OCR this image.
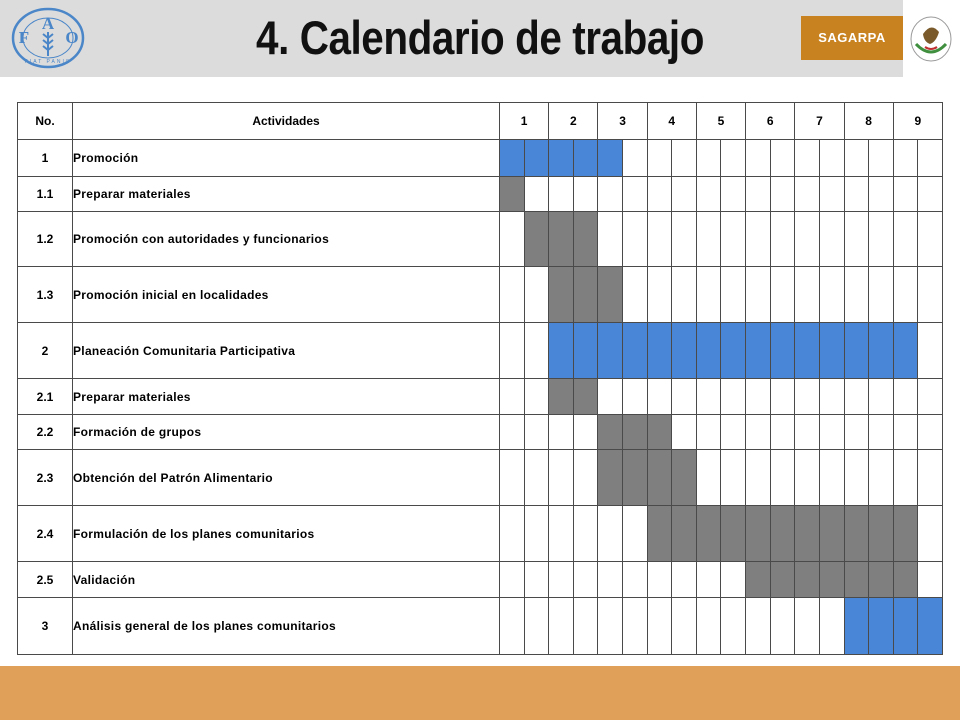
F
A
O
FIAT PANIS	4. Calendario de trabajo	SAGARPA
No.	Actividades	1		2		3		4		5		6		7		8		9		
1	Promoción																								
1.1	Preparar materiales																								
1.2	Promoción con autoridades y funcionarios																								
1.3	Promoción inicial en localidades																								
2	Planeación Comunitaria Participativa																								
2.1	Preparar materiales																								
2.2	Formación de grupos																								
2.3	Obtención del Patrón Alimentario																								
2.4	Formulación de los planes comunitarios																								
2.5	Validación																								
3	Análisis general de los planes comunitarios																								
